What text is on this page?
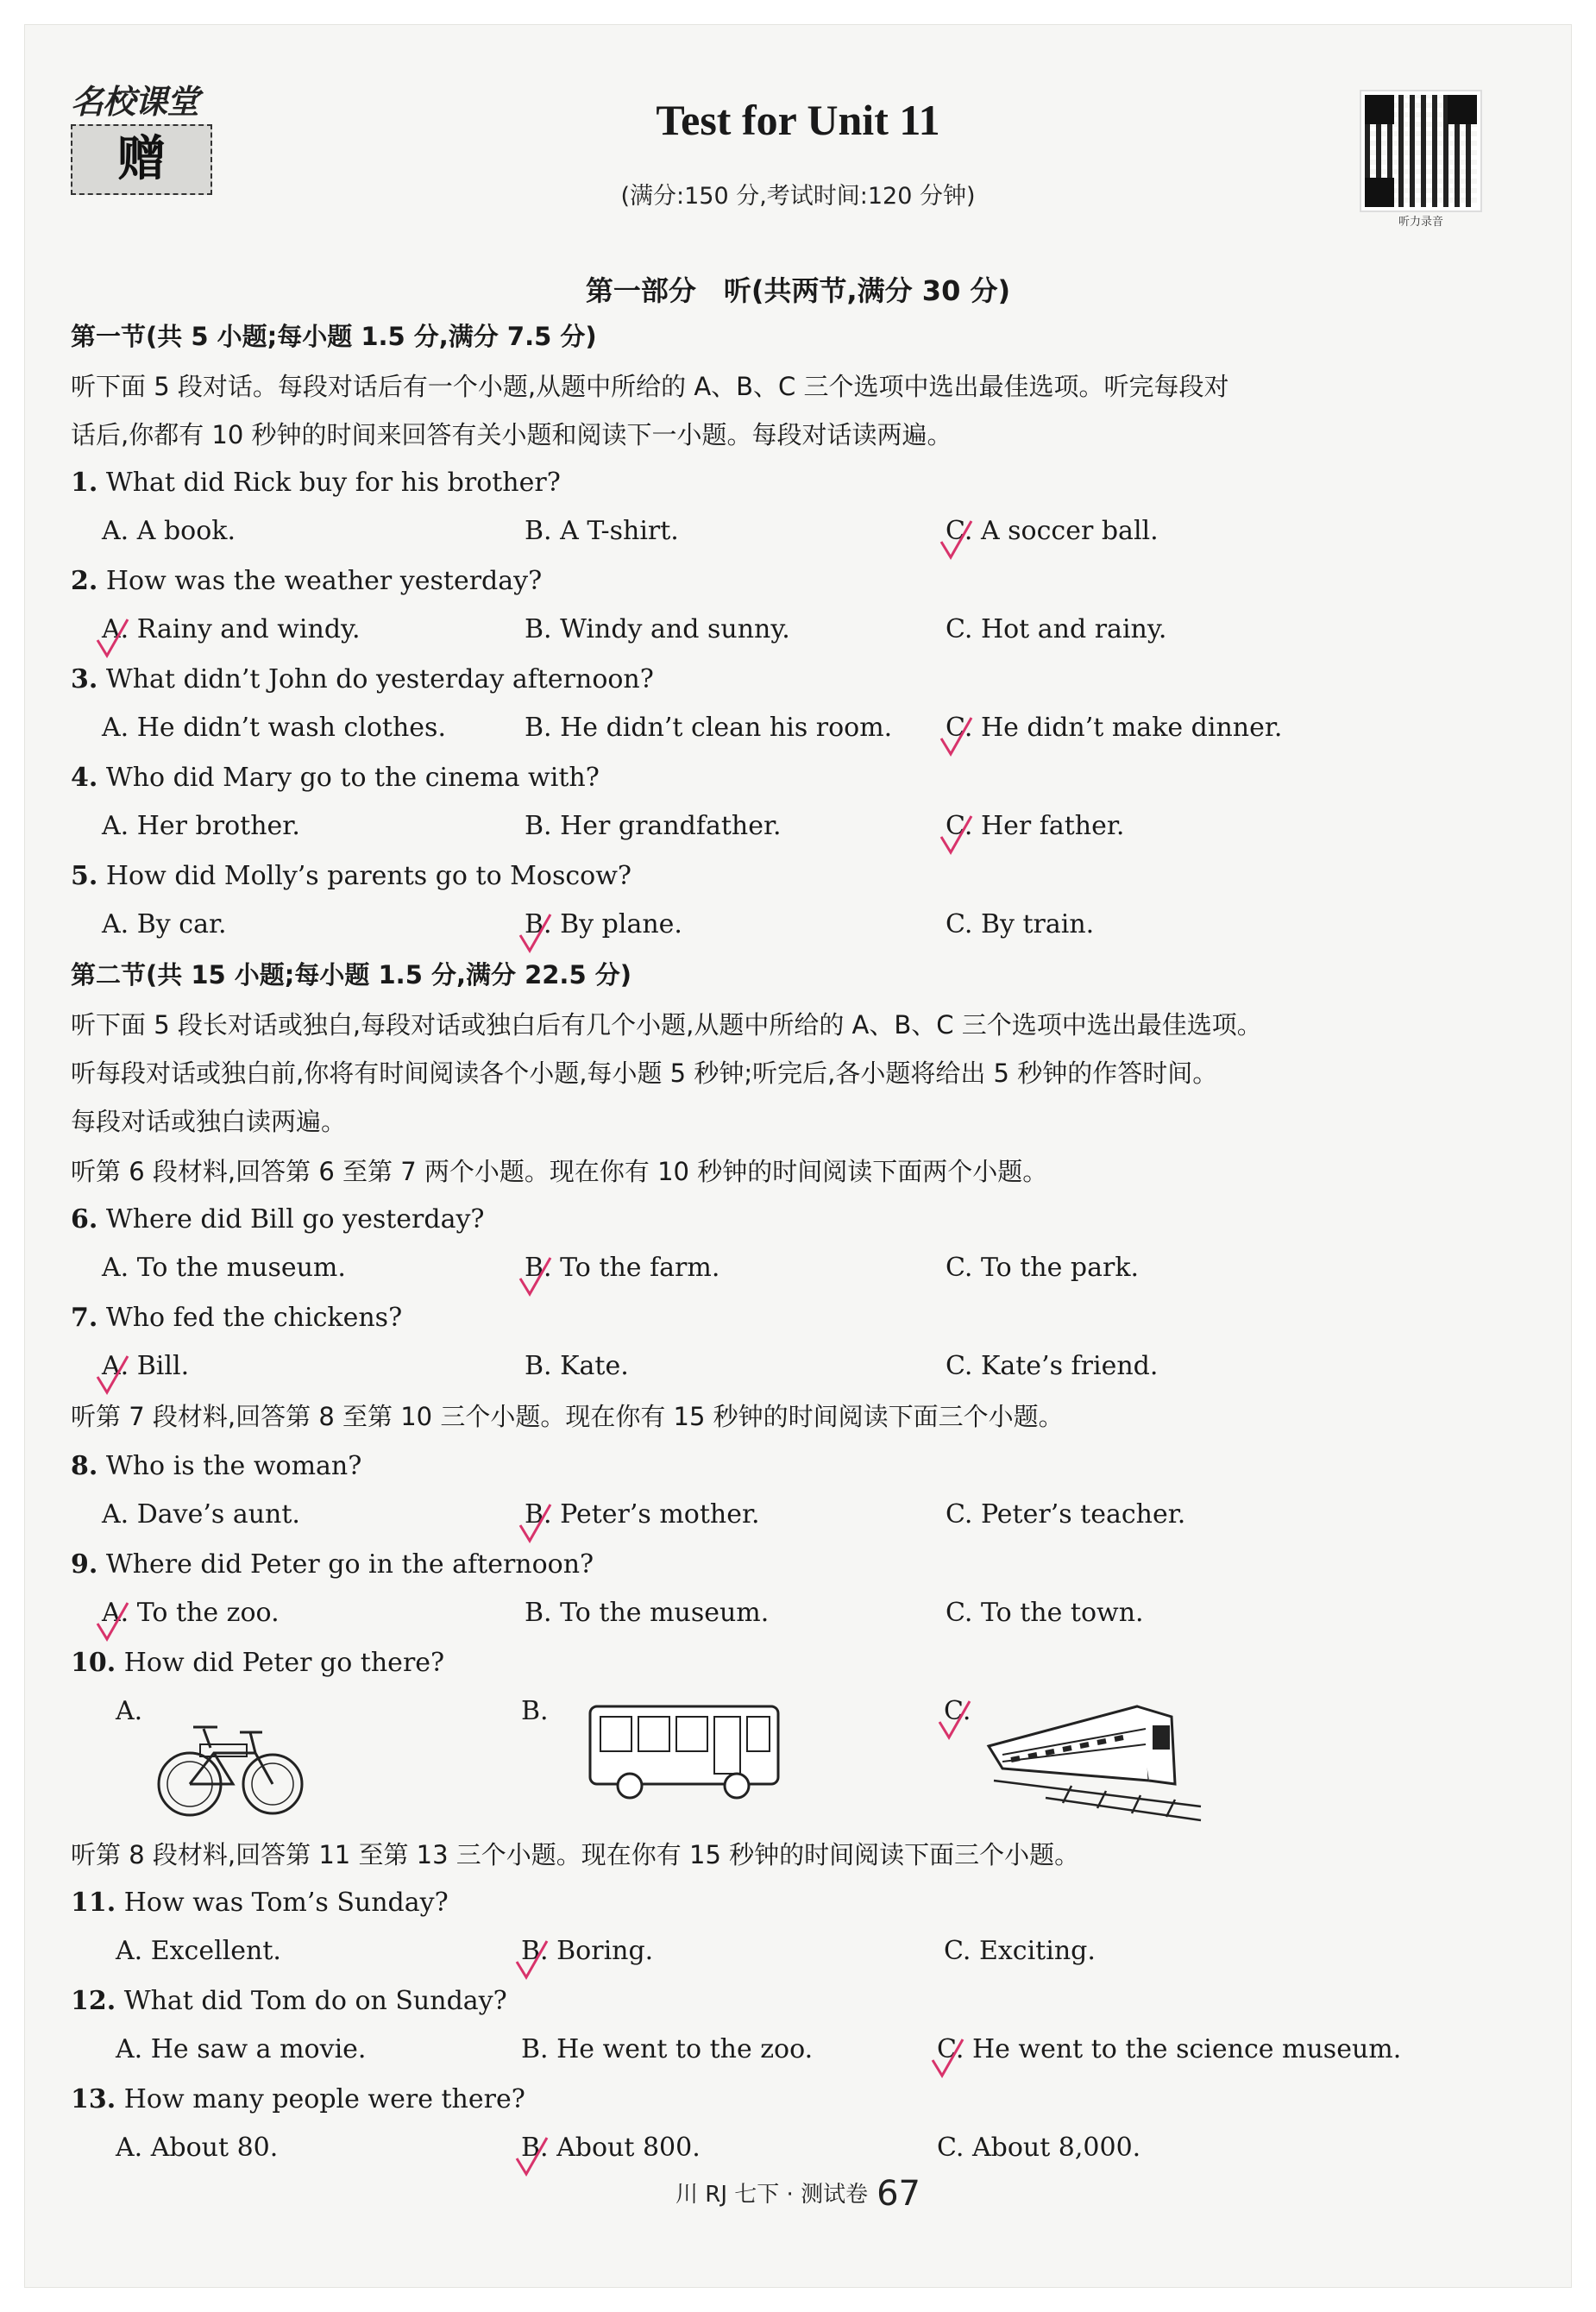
名校课堂
赠
Test for Unit 11
(满分:150 分,考试时间:120 分钟)
听力录音
第一部分　听(共两节,满分 30 分)
第一节(共 5 小题;每小题 1.5 分,满分 7.5 分)
听下面 5 段对话。每段对话后有一个小题,从题中所给的 A、B、C 三个选项中选出最佳选项。听完每段对
话后,你都有 10 秒钟的时间来回答有关小题和阅读下一小题。每段对话读两遍。
1. What did Rick buy for his brother?
A. A book.	B. A T-shirt.	C. A soccer ball.
2. How was the weather yesterday?
A. Rainy and windy.	B. Windy and sunny.	C. Hot and rainy.
3. What didn’t John do yesterday afternoon?
A. He didn’t wash clothes.	B. He didn’t clean his room. C. He didn’t make dinner.
4. Who did Mary go to the cinema with?
A. Her brother.	B. Her grandfather.	C. Her father.
5. How did Molly’s parents go to Moscow?
A. By car.	B. By plane.	C. By train.
第二节(共 15 小题;每小题 1.5 分,满分 22.5 分)
听下面 5 段长对话或独白,每段对话或独白后有几个小题,从题中所给的 A、B、C 三个选项中选出最佳选项。
听每段对话或独白前,你将有时间阅读各个小题,每小题 5 秒钟;听完后,各小题将给出 5 秒钟的作答时间。
每段对话或独白读两遍。
听第 6 段材料,回答第 6 至第 7 两个小题。现在你有 10 秒钟的时间阅读下面两个小题。
6. Where did Bill go yesterday?
A. To the museum.	B. To the farm.	C. To the park.
7. Who fed the chickens?
A. Bill.	B. Kate.	C. Kate’s friend.
听第 7 段材料,回答第 8 至第 10 三个小题。现在你有 15 秒钟的时间阅读下面三个小题。
8. Who is the woman?
A. Dave’s aunt.	B. Peter’s mother.	C. Peter’s teacher.
9. Where did Peter go in the afternoon?
A. To the zoo.	B. To the museum.	C. To the town.
10. How did Peter go there?
A.	B.	C.
听第 8 段材料,回答第 11 至第 13 三个小题。现在你有 15 秒钟的时间阅读下面三个小题。
11. How was Tom’s Sunday?
A. Excellent.	B. Boring.	C. Exciting.
12. What did Tom do on Sunday?
A. He saw a movie.	B. He went to the zoo.	C. He went to the science museum.
13. How many people were there?
A. About 80.	B. About 800.	C. About 8,000.
川 RJ 七下 · 测试卷 67
